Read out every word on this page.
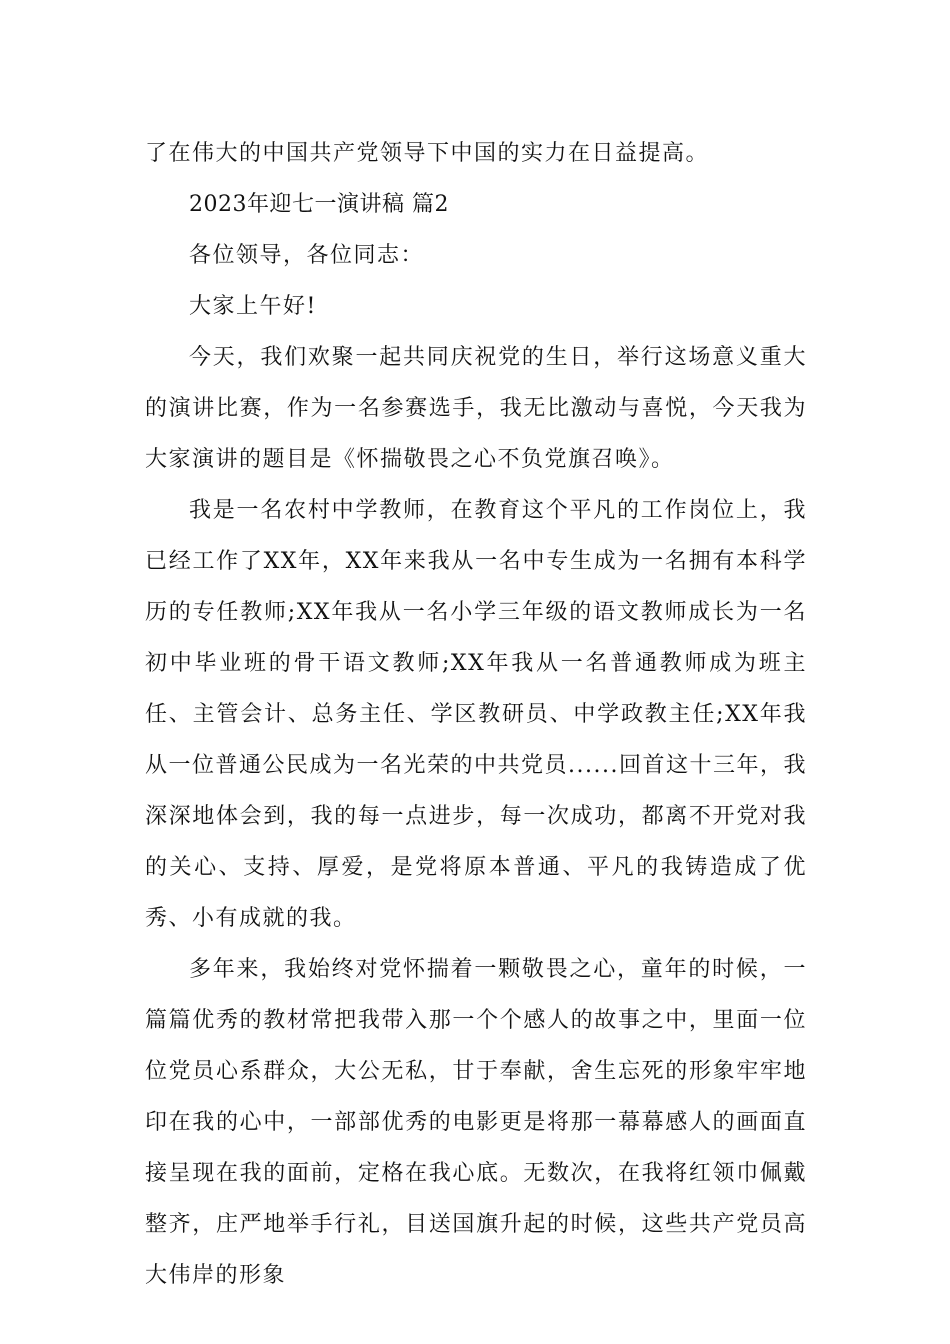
了在伟大的中国共产党领导下中国的实力在日益提高。

2023年迎七一演讲稿 篇2

各位领导，各位同志：

大家上午好!

今天，我们欢聚一起共同庆祝党的生日，举行这场意义重大的演讲比赛，作为一名参赛选手，我无比激动与喜悦，今天我为大家演讲的题目是《怀揣敬畏之心不负党旗召唤》。

我是一名农村中学教师，在教育这个平凡的工作岗位上，我已经工作了XX年，XX年来我从一名中专生成为一名拥有本科学历的专任教师;XX年我从一名小学三年级的语文教师成长为一名初中毕业班的骨干语文教师;XX年我从一名普通教师成为班主任、主管会计、总务主任、学区教研员、中学政教主任;XX年我从一位普通公民成为一名光荣的中共党员......回首这十三年，我深深地体会到，我的每一点进步，每一次成功，都离不开党对我的关心、支持、厚爱，是党将原本普通、平凡的我铸造成了优秀、小有成就的我。

多年来，我始终对党怀揣着一颗敬畏之心，童年的时候，一篇篇优秀的教材常把我带入那一个个感人的故事之中，里面一位位党员心系群众，大公无私，甘于奉献，舍生忘死的形象牢牢地印在我的心中，一部部优秀的电影更是将那一幕幕感人的画面直接呈现在我的面前，定格在我心底。无数次，在我将红领巾佩戴整齐，庄严地举手行礼，目送国旗升起的时候，这些共产党员高大伟岸的形象
